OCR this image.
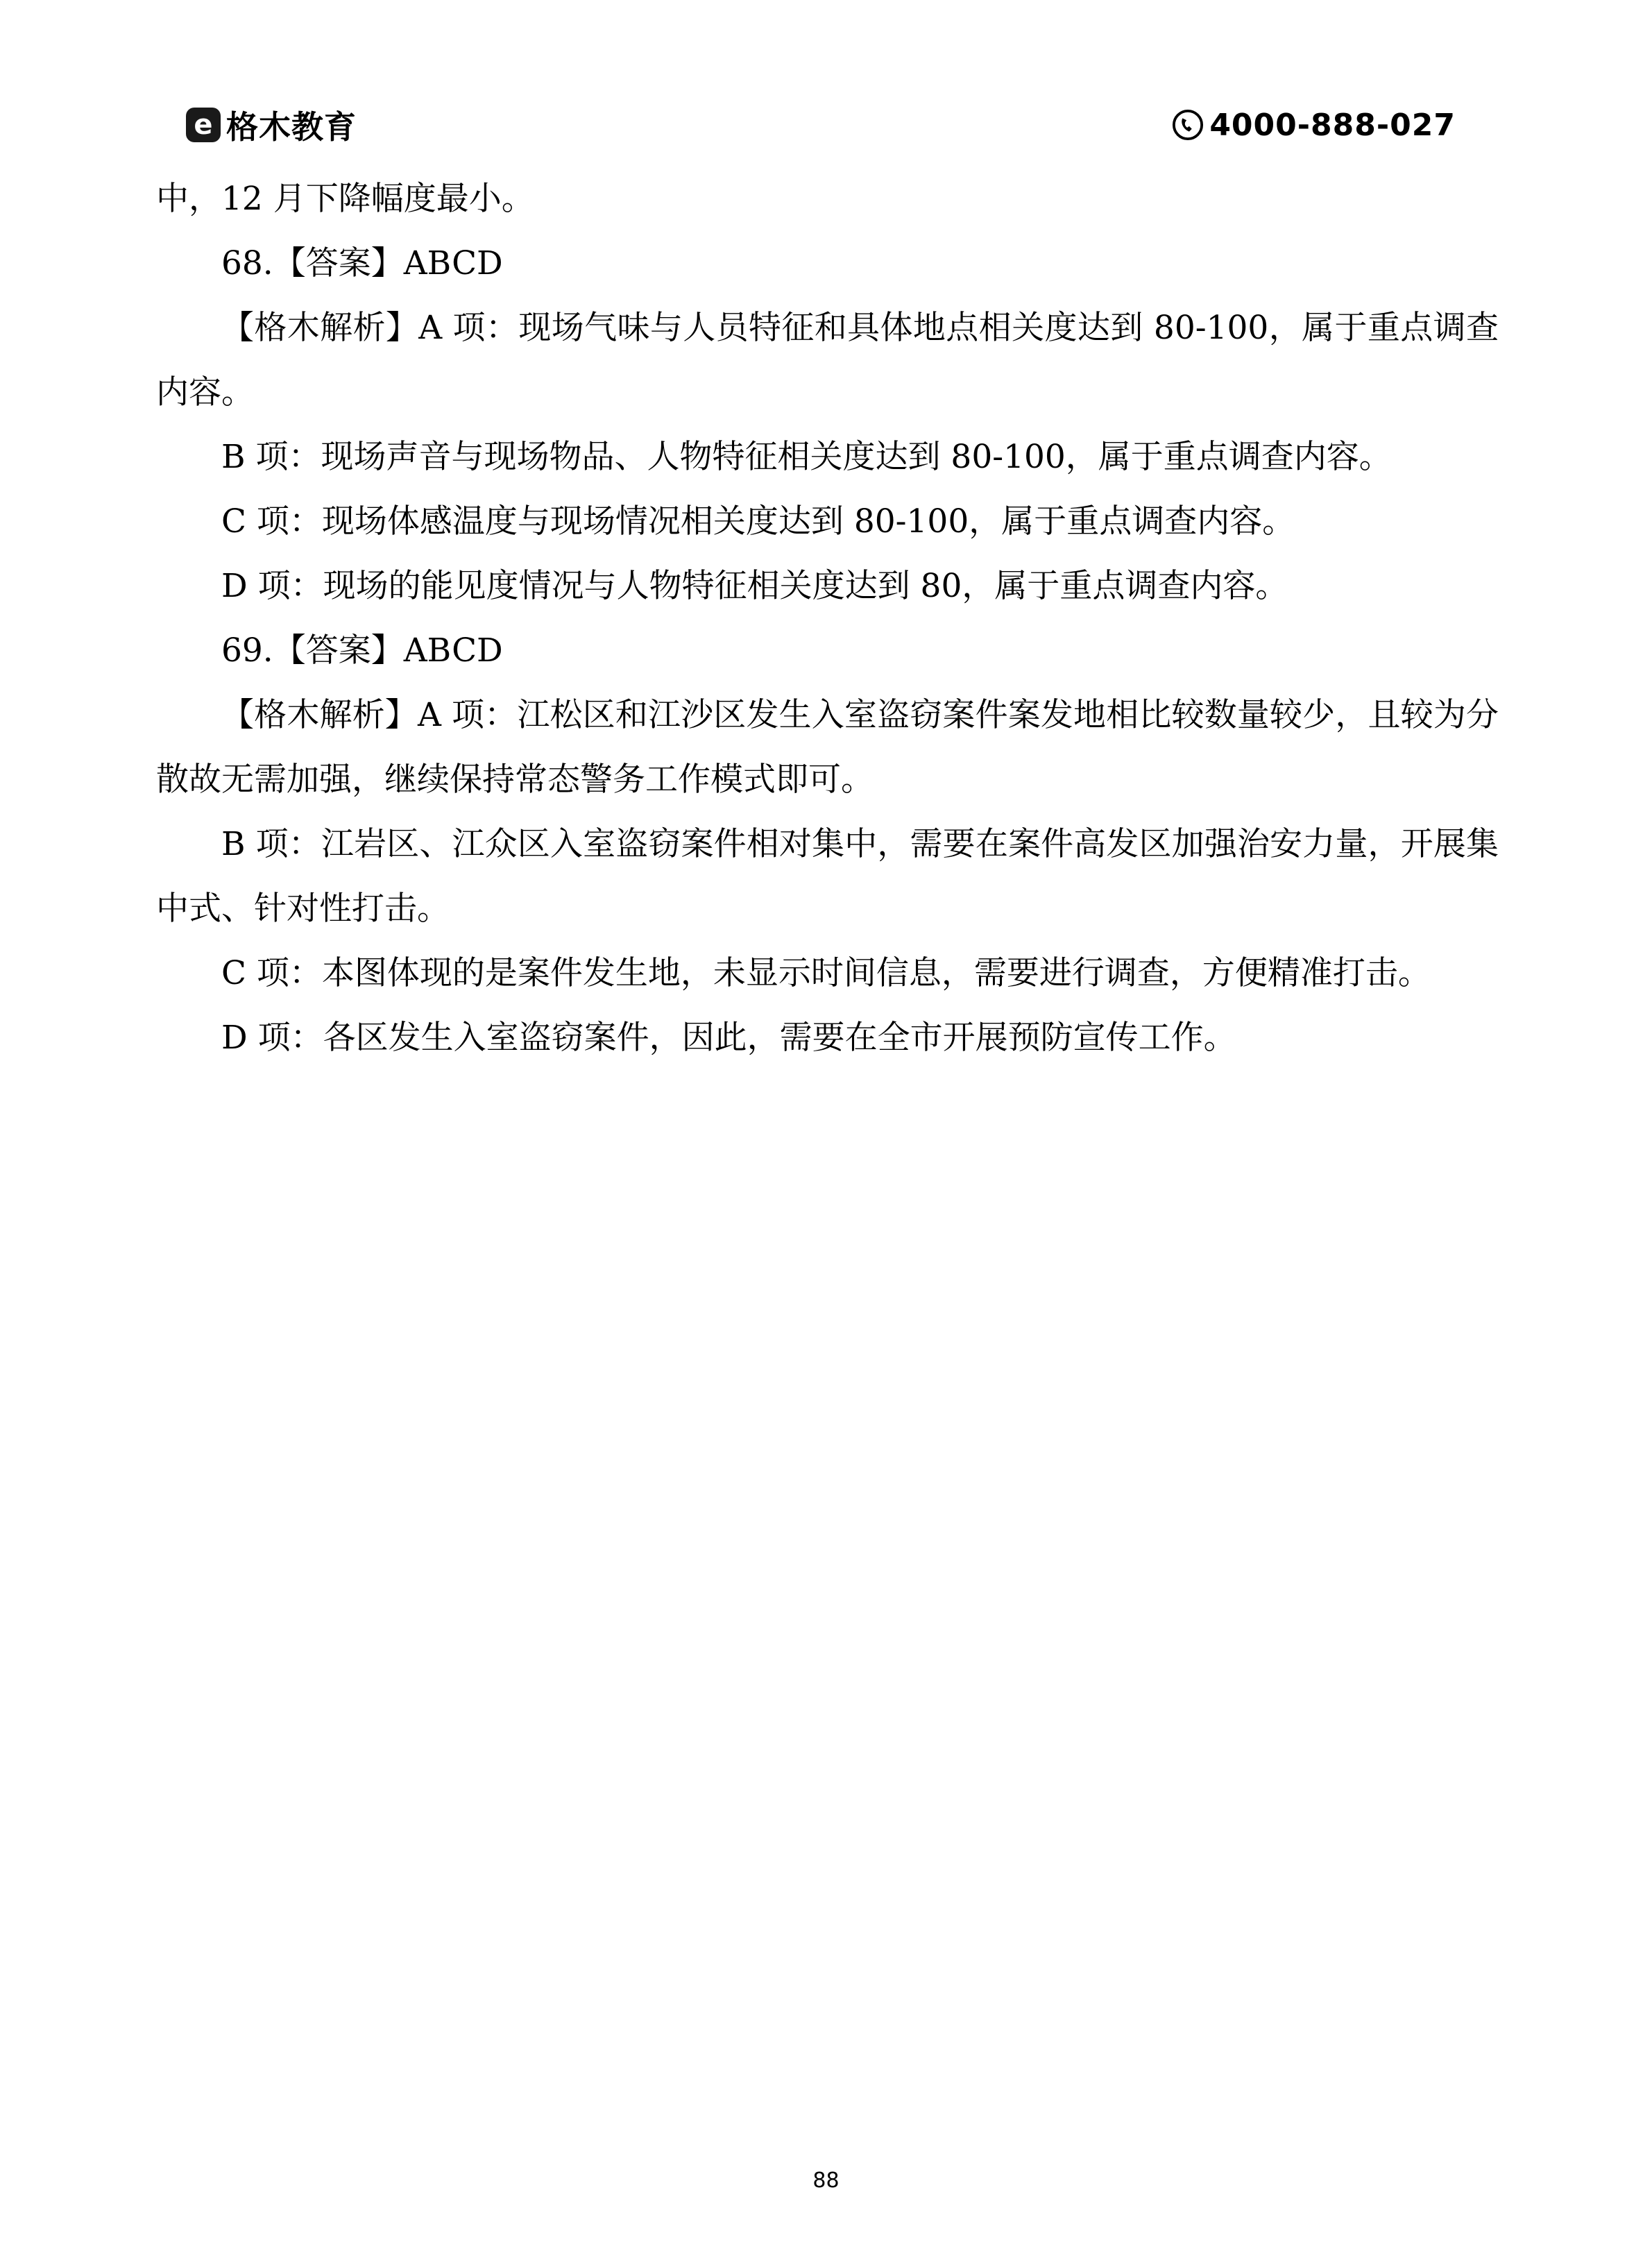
e 格木教育	4000-888-027

中，12 月下降幅度最小。

68.【答案】ABCD

【格木解析】A 项：现场气味与人员特征和具体地点相关度达到 80-100，属于重点调查内容。

B 项：现场声音与现场物品、人物特征相关度达到 80-100，属于重点调查内容。

C 项：现场体感温度与现场情况相关度达到 80-100，属于重点调查内容。

D 项：现场的能见度情况与人物特征相关度达到 80，属于重点调查内容。

69.【答案】ABCD

【格木解析】A 项：江松区和江沙区发生入室盗窃案件案发地相比较数量较少，且较为分散故无需加强，继续保持常态警务工作模式即可。

B 项：江岩区、江众区入室盗窃案件相对集中，需要在案件高发区加强治安力量，开展集中式、针对性打击。

C 项：本图体现的是案件发生地，未显示时间信息，需要进行调查，方便精准打击。

D 项：各区发生入室盗窃案件，因此，需要在全市开展预防宣传工作。

88
